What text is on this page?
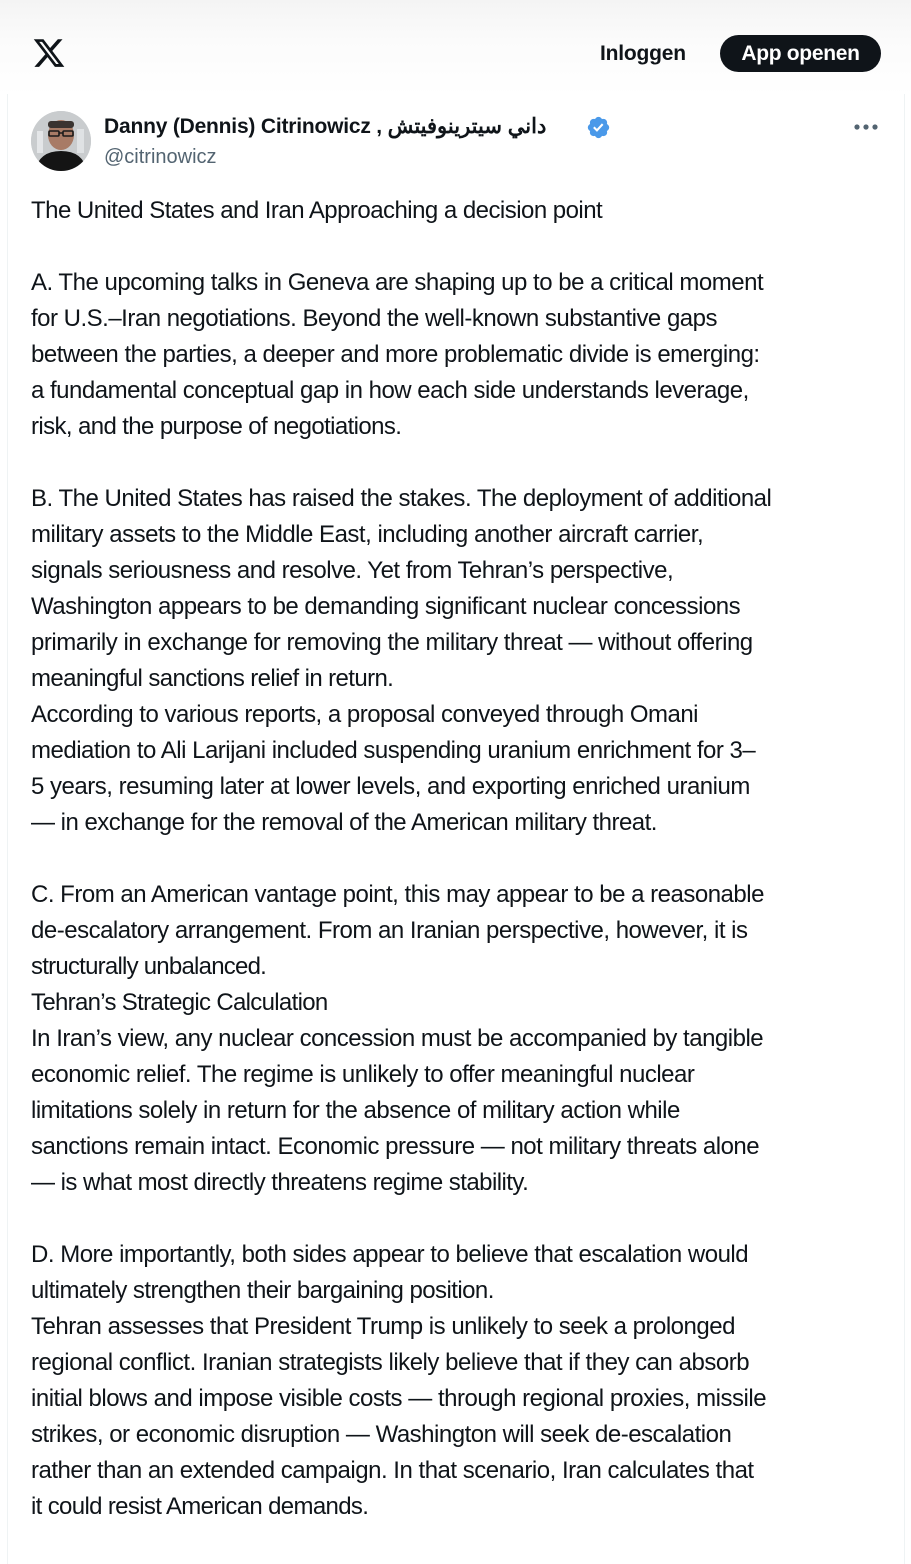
Inloggen	App openen
Danny (Dennis) Citrinowicz , داني سيترينوفيتش
@citrinowicz
The United States and Iran Approaching a decision point
A. The upcoming talks in Geneva are shaping up to be a critical moment
for U.S.–Iran negotiations. Beyond the well-known substantive gaps
between the parties, a deeper and more problematic divide is emerging:
a fundamental conceptual gap in how each side understands leverage,
risk, and the purpose of negotiations.
B. The United States has raised the stakes. The deployment of additional
military assets to the Middle East, including another aircraft carrier,
signals seriousness and resolve. Yet from Tehran’s perspective,
Washington appears to be demanding significant nuclear concessions
primarily in exchange for removing the military threat — without offering
meaningful sanctions relief in return.
According to various reports, a proposal conveyed through Omani
mediation to Ali Larijani included suspending uranium enrichment for 3–
5 years, resuming later at lower levels, and exporting enriched uranium
— in exchange for the removal of the American military threat.
C. From an American vantage point, this may appear to be a reasonable
de-escalatory arrangement. From an Iranian perspective, however, it is
structurally unbalanced.
Tehran’s Strategic Calculation
In Iran’s view, any nuclear concession must be accompanied by tangible
economic relief. The regime is unlikely to offer meaningful nuclear
limitations solely in return for the absence of military action while
sanctions remain intact. Economic pressure — not military threats alone
— is what most directly threatens regime stability.
D. More importantly, both sides appear to believe that escalation would
ultimately strengthen their bargaining position.
Tehran assesses that President Trump is unlikely to seek a prolonged
regional conflict. Iranian strategists likely believe that if they can absorb
initial blows and impose visible costs — through regional proxies, missile
strikes, or economic disruption — Washington will seek de-escalation
rather than an extended campaign. In that scenario, Iran calculates that
it could resist American demands.
